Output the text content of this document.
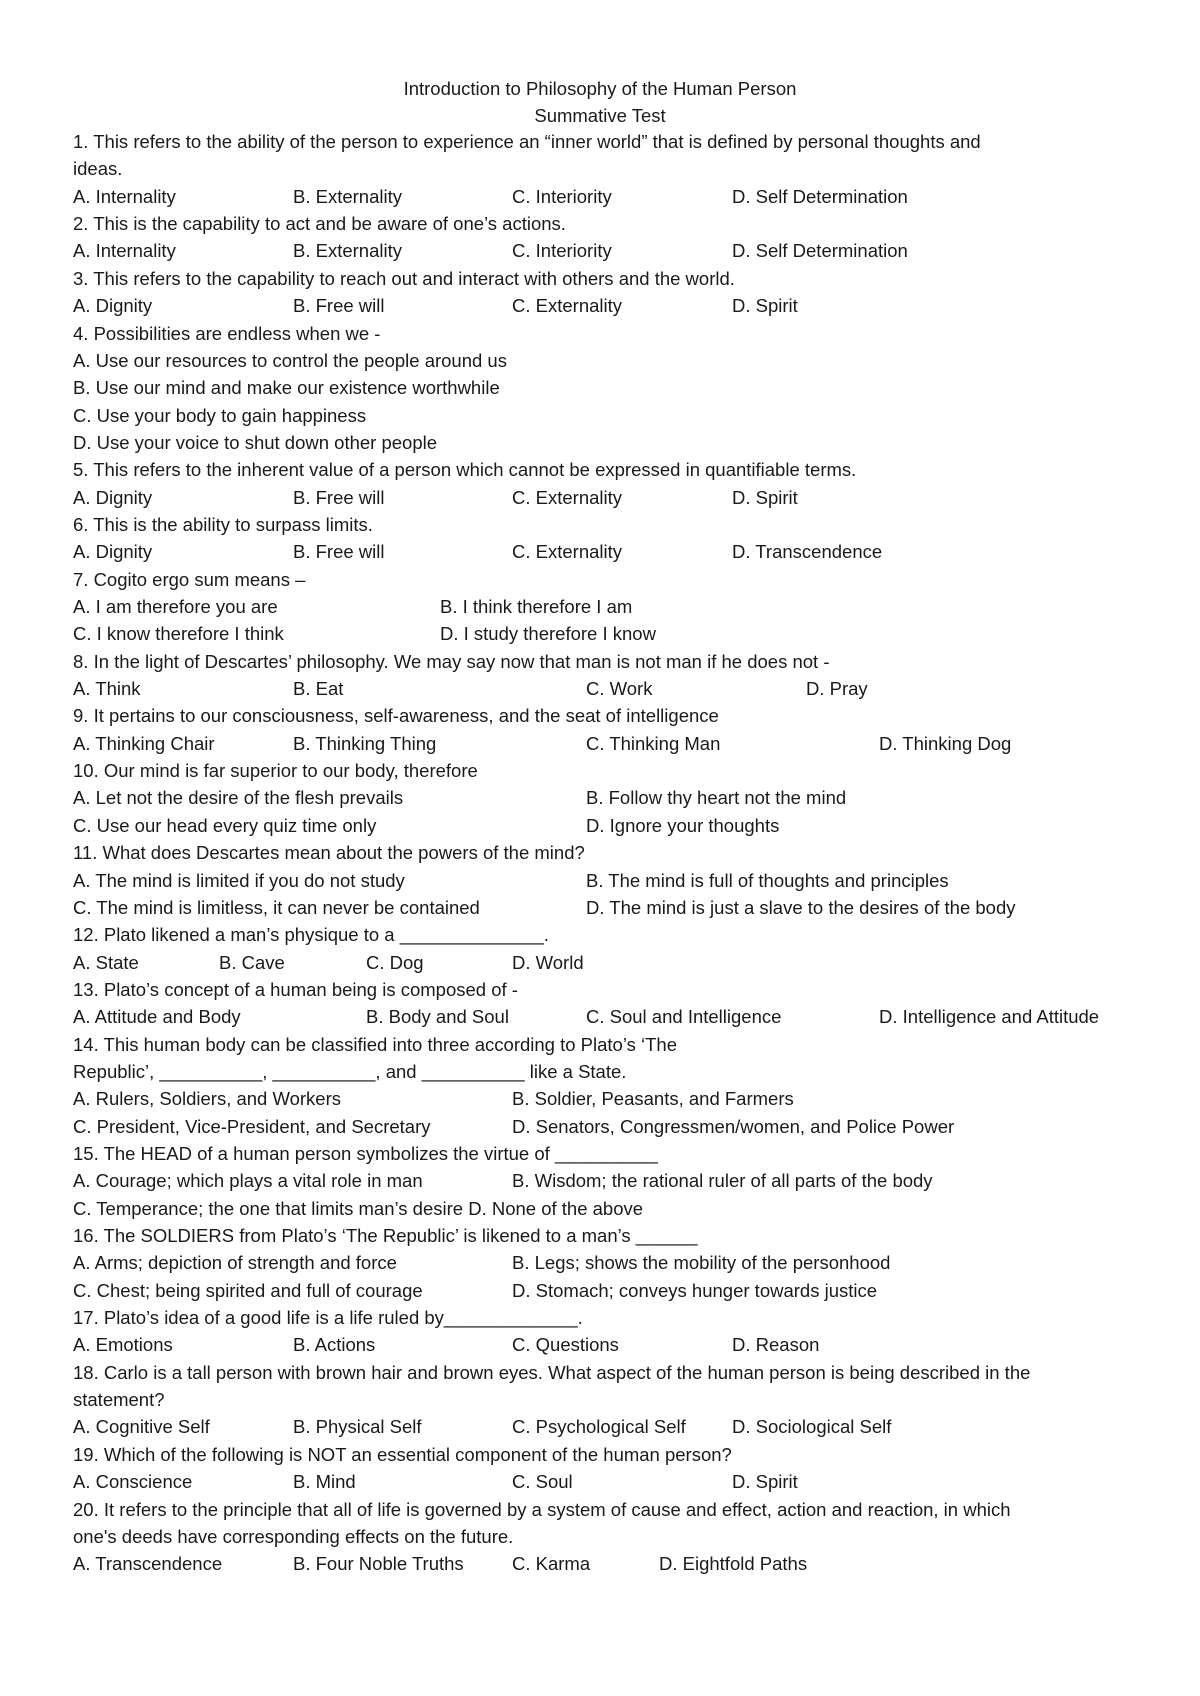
Introduction to Philosophy of the Human Person
Summative Test
1. This refers to the ability of the person to experience an “inner world” that is defined by personal thoughts and
ideas.
A. Internality	B. Externality	C. Interiority	D. Self Determination
2. This is the capability to act and be aware of one’s actions.
A. Internality	B. Externality	C. Interiority	D. Self Determination
3. This refers to the capability to reach out and interact with others and the world.
A. Dignity	B. Free will	C. Externality	D. Spirit
4. Possibilities are endless when we -
A. Use our resources to control the people around us
B. Use our mind and make our existence worthwhile
C. Use your body to gain happiness
D. Use your voice to shut down other people
5. This refers to the inherent value of a person which cannot be expressed in quantifiable terms.
A. Dignity	B. Free will	C. Externality	D. Spirit
6. This is the ability to surpass limits.
A. Dignity	B. Free will	C. Externality	D. Transcendence
7. Cogito ergo sum means –
A. I am therefore you are	B. I think therefore I am
C. I know therefore I think	D. I study therefore I know
8. In the light of Descartes’ philosophy. We may say now that man is not man if he does not -
A. Think	B. Eat	C. Work	D. Pray
9. It pertains to our consciousness, self-awareness, and the seat of intelligence
A. Thinking Chair	B. Thinking Thing	C. Thinking Man	D. Thinking Dog
10. Our mind is far superior to our body, therefore
A. Let not the desire of the flesh prevails	B. Follow thy heart not the mind
C. Use our head every quiz time only	D. Ignore your thoughts
11. What does Descartes mean about the powers of the mind?
A. The mind is limited if you do not study	B. The mind is full of thoughts and principles
C. The mind is limitless, it can never be contained	D. The mind is just a slave to the desires of the body
12. Plato likened a man’s physique to a ______________.
A. State	B. Cave	C. Dog	D. World
13. Plato’s concept of a human being is composed of -
A. Attitude and Body	B. Body and Soul	C. Soul and Intelligence	D. Intelligence and Attitude
14. This human body can be classified into three according to Plato’s ‘The
Republic’, __________, __________, and __________ like a State.
A. Rulers, Soldiers, and Workers	B. Soldier, Peasants, and Farmers
C. President, Vice-President, and Secretary	D. Senators, Congressmen/women, and Police Power
15. The HEAD of a human person symbolizes the virtue of __________
A. Courage; which plays a vital role in man	B. Wisdom; the rational ruler of all parts of the body
C. Temperance; the one that limits man’s desire D. None of the above
16. The SOLDIERS from Plato’s ‘The Republic’ is likened to a man’s ______
A. Arms; depiction of strength and force	B. Legs; shows the mobility of the personhood
C. Chest; being spirited and full of courage	D. Stomach; conveys hunger towards justice
17. Plato’s idea of a good life is a life ruled by_____________.
A. Emotions	B. Actions	C. Questions	D. Reason
18. Carlo is a tall person with brown hair and brown eyes. What aspect of the human person is being described in the
statement?
A. Cognitive Self	B. Physical Self	C. Psychological Self D. Sociological Self
19. Which of the following is NOT an essential component of the human person?
A. Conscience	B. Mind	C. Soul	D. Spirit
20. It refers to the principle that all of life is governed by a system of cause and effect, action and reaction, in which
one's deeds have corresponding effects on the future.
A. Transcendence	B. Four Noble Truths	C. Karma	D. Eightfold Paths
